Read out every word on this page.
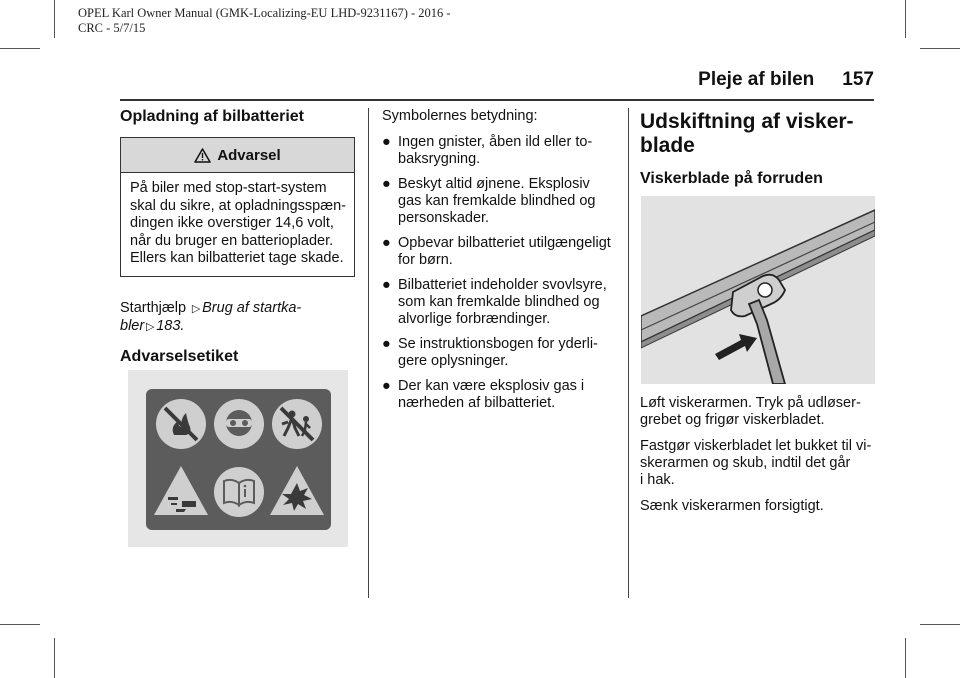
OPEL Karl Owner Manual (GMK-Localizing-EU LHD-9231167) - 2016 -
CRC - 5/7/15
Pleje af bilen 157
Opladning af bilbatteriet
Advarsel
På biler med stop-start-system
skal du sikre, at opladningsspæn-
dingen ikke overstiger 14,6 volt,
når du bruger en batterioplader.
Ellers kan bilbatteriet tage skade.
Starthjælp ▷ Brug af startka-
bler ▷ 183.
Advarselsetiket

Symbolernes betydning:

● Ingen gnister, åben ild eller to-
baksrygning.
● Beskyt altid øjnene. Eksplosiv
gas kan fremkalde blindhed og
personskader.
● Opbevar bilbatteriet utilgængeligt
for børn.
● Bilbatteriet indeholder svovlsyre,
som kan fremkalde blindhed og
alvorlige forbrændinger.
● Se instruktionsbogen for yderli-
gere oplysninger.
● Der kan være eksplosiv gas i
nærheden af bilbatteriet.
Udskiftning af visker-
blade
Viskerblade på forruden

Løft viskerarmen. Tryk på udløser-
grebet og frigør viskerbladet.

Fastgør viskerbladet let bukket til vi-
skerarmen og skub, indtil det går
i hak.

Sænk viskerarmen forsigtigt.
